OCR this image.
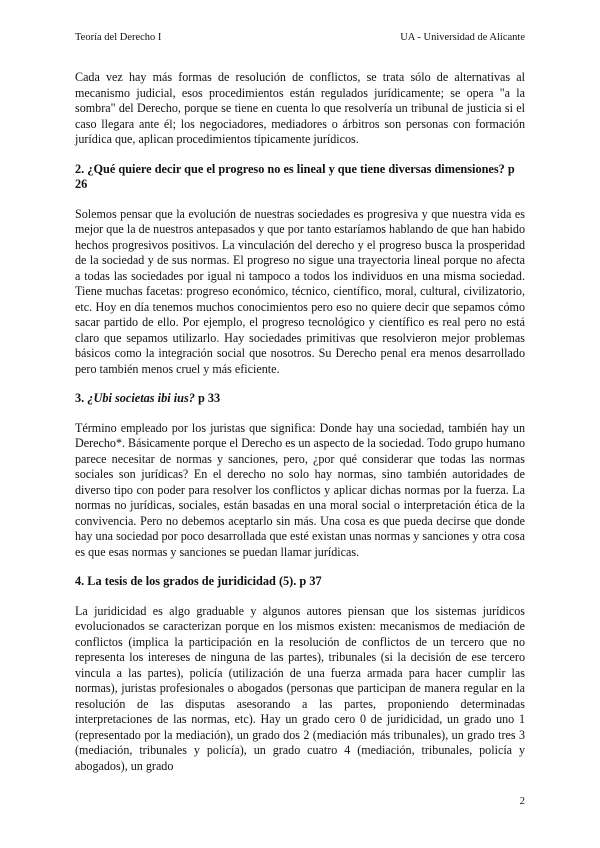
Teoría del Derecho I	UA - Universidad de Alicante

Cada vez hay más formas de resolución de conflictos, se trata sólo de alternativas al mecanismo judicial, esos procedimientos están regulados jurídicamente; se opera "a la sombra" del Derecho, porque se tiene en cuenta lo que resolvería un tribunal de justicia si el caso llegara ante él; los negociadores, mediadores o árbitros son personas con formación jurídica que, aplican procedimientos típicamente jurídicos.

2. ¿Qué quiere decir que el progreso no es lineal y que tiene diversas dimensiones? p 26

Solemos pensar que la evolución de nuestras sociedades es progresiva y que nuestra vida es mejor que la de nuestros antepasados y que por tanto estaríamos hablando de que han habido hechos progresivos positivos. La vinculación del derecho y el progreso busca la prosperidad de la sociedad y de sus normas. El progreso no sigue una trayectoria lineal porque no afecta a todas las sociedades por igual ni tampoco a todos los individuos en una misma sociedad. Tiene muchas facetas: progreso económico, técnico, científico, moral, cultural, civilizatorio, etc. Hoy en día tenemos muchos conocimientos pero eso no quiere decir que sepamos cómo sacar partido de ello. Por ejemplo, el progreso tecnológico y científico es real pero no está claro que sepamos utilizarlo. Hay sociedades primitivas que resolvieron mejor problemas básicos como la integración social que nosotros. Su Derecho penal era menos desarrollado pero también menos cruel y más eficiente.

3. ¿Ubi societas ibi ius? p 33

Término empleado por los juristas que significa: Donde hay una sociedad, también hay un Derecho*. Básicamente porque el Derecho es un aspecto de la sociedad. Todo grupo humano parece necesitar de normas y sanciones, pero, ¿por qué considerar que todas las normas sociales son jurídicas? En el derecho no solo hay normas, sino también autoridades de diverso tipo con poder para resolver los conflictos y aplicar dichas normas por la fuerza. La normas no jurídicas, sociales, están basadas en una moral social o interpretación ética de la convivencia. Pero no debemos aceptarlo sin más. Una cosa es que pueda decirse que donde hay una sociedad por poco desarrollada que esté existan unas normas y sanciones y otra cosa es que esas normas y sanciones se puedan llamar jurídicas.

4. La tesis de los grados de juridicidad (5). p 37

La juridicidad es algo graduable y algunos autores piensan que los sistemas jurídicos evolucionados se caracterizan porque en los mismos existen: mecanismos de mediación de conflictos (implica la participación en la resolución de conflictos de un tercero que no representa los intereses de ninguna de las partes), tribunales (si la decisión de ese tercero vincula a las partes), policía (utilización de una fuerza armada para hacer cumplir las normas), juristas profesionales o abogados (personas que participan de manera regular en la resolución de las disputas asesorando a las partes, proponiendo determinadas interpretaciones de las normas, etc). Hay un grado cero 0 de juridicidad, un grado uno 1 (representado por la mediación), un grado dos 2 (mediación más tribunales), un grado tres 3 (mediación, tribunales y policía), un grado cuatro 4 (mediación, tribunales, policía y abogados), un grado

2
